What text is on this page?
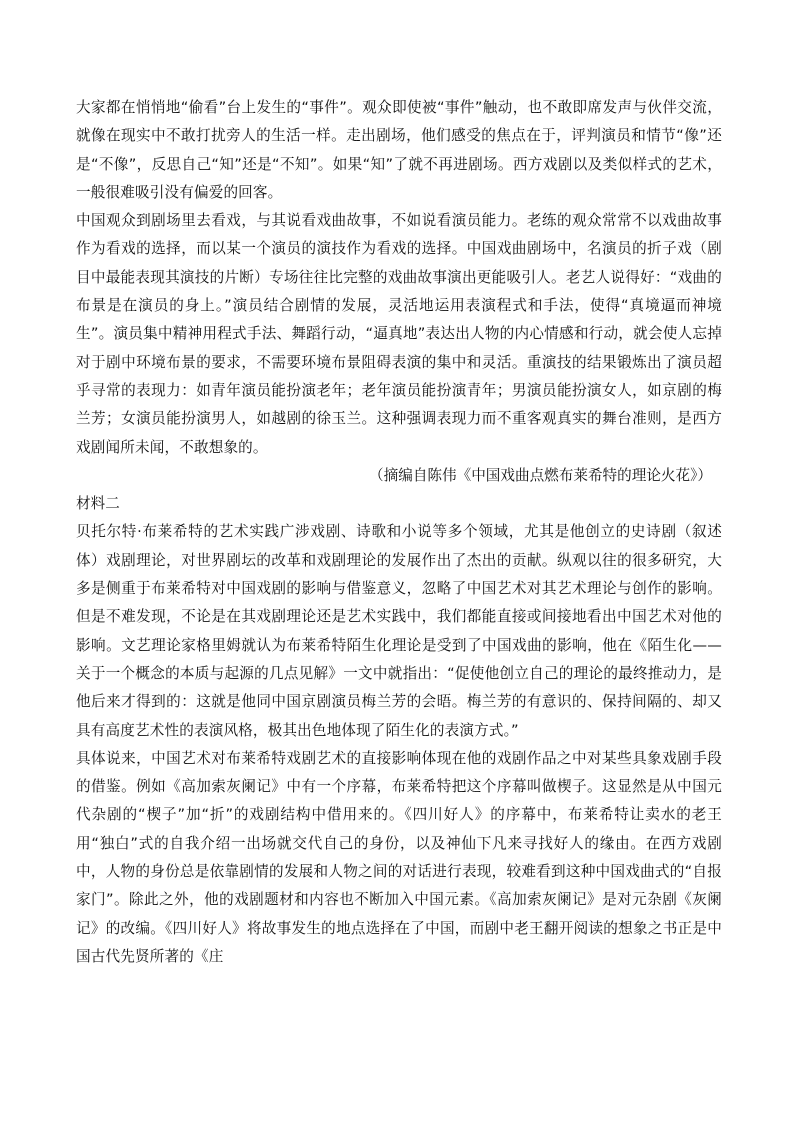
大家都在悄悄地“偷看”台上发生的“事件”。观众即使被“事件”触动，也不敢即席发声与伙伴交流，就像在现实中不敢打扰旁人的生活一样。走出剧场，他们感受的焦点在于，评判演员和情节“像”还是“不像”，反思自己“知”还是“不知”。如果“知”了就不再进剧场。西方戏剧以及类似样式的艺术，一般很难吸引没有偏爱的回客。

中国观众到剧场里去看戏，与其说看戏曲故事，不如说看演员能力。老练的观众常常不以戏曲故事作为看戏的选择，而以某一个演员的演技作为看戏的选择。中国戏曲剧场中，名演员的折子戏（剧目中最能表现其演技的片断）专场往往比完整的戏曲故事演出更能吸引人。老艺人说得好：“戏曲的布景是在演员的身上。”演员结合剧情的发展，灵活地运用表演程式和手法，使得“真境逼而神境生”。演员集中精神用程式手法、舞蹈行动，“逼真地”表达出人物的内心情感和行动，就会使人忘掉对于剧中环境布景的要求，不需要环境布景阻碍表演的集中和灵活。重演技的结果锻炼出了演员超乎寻常的表现力：如青年演员能扮演老年；老年演员能扮演青年；男演员能扮演女人，如京剧的梅兰芳；女演员能扮演男人，如越剧的徐玉兰。这种强调表现力而不重客观真实的舞台准则，是西方戏剧闻所未闻，不敢想象的。

（摘编自陈伟《中国戏曲点燃布莱希特的理论火花》）

材料二

贝托尔特·布莱希特的艺术实践广涉戏剧、诗歌和小说等多个领域，尤其是他创立的史诗剧（叙述体）戏剧理论，对世界剧坛的改革和戏剧理论的发展作出了杰出的贡献。纵观以往的很多研究，大多是侧重于布莱希特对中国戏剧的影响与借鉴意义，忽略了中国艺术对其艺术理论与创作的影响。但是不难发现，不论是在其戏剧理论还是艺术实践中，我们都能直接或间接地看出中国艺术对他的影响。文艺理论家格里姆就认为布莱希特陌生化理论是受到了中国戏曲的影响，他在《陌生化——关于一个概念的本质与起源的几点见解》一文中就指出：“促使他创立自己的理论的最终推动力，是他后来才得到的：这就是他同中国京剧演员梅兰芳的会晤。梅兰芳的有意识的、保持间隔的、却又具有高度艺术性的表演风格，极其出色地体现了陌生化的表演方式。”

具体说来，中国艺术对布莱希特戏剧艺术的直接影响体现在他的戏剧作品之中对某些具象戏剧手段的借鉴。例如《高加索灰阑记》中有一个序幕，布莱希特把这个序幕叫做楔子。这显然是从中国元代杂剧的“楔子”加“折”的戏剧结构中借用来的。《四川好人》的序幕中，布莱希特让卖水的老王用“独白”式的自我介绍一出场就交代自己的身份，以及神仙下凡来寻找好人的缘由。在西方戏剧中，人物的身份总是依靠剧情的发展和人物之间的对话进行表现，较难看到这种中国戏曲式的“自报家门”。除此之外，他的戏剧题材和内容也不断加入中国元素。《高加索灰阑记》是对元杂剧《灰阑记》的改编。《四川好人》将故事发生的地点选择在了中国，而剧中老王翻开阅读的想象之书正是中国古代先贤所著的《庄
